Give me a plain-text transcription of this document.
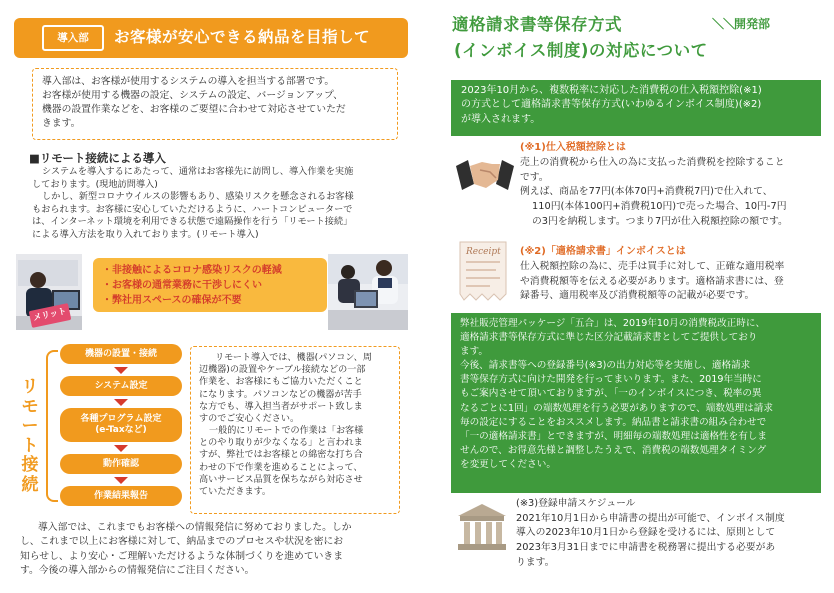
導入部	お客様が安心できる納品を目指して
導入部は、お客様が使用するシステムの導入を担当する部署です。
お客様が使用する機器の設定、システムの設定、バージョンアップ、
機器の設置作業などを、お客様のご要望に合わせて対応させていただ
きます。
■リモート接続による導入
システムを導入するにあたって、通常はお客様先に訪問し、導入作業を実施
しております。(現地訪問導入)
しかし、新型コロナウイルスの影響もあり、感染リスクを懸念されるお客様
もおられます。お客様に安心していただけるように、ハートコンピューターで
は、インターネット環境を利用できる状態で遠隔操作を行う「リモート接続」
による導入方法を取り入れております。(リモート導入)
・非接触によるコロナ感染リスクの軽減
・お客様の通常業務に干渉しにくい
・弊社用スペースの確保が不要
メリット
リ
モ
ー
ト
接
続
機器の設置・接続
システム設定
各種プログラム設定
(e-Taxなど)
動作確認
作業結果報告
リモート導入では、機器(パソコン、周
辺機器)の設置やケーブル接続などの一部
作業を、お客様にもご協力いただくこと
になります。パソコンなどの機器が苦手
な方でも、導入担当者がサポート致しま
すのでご安心ください。
一般的にリモートでの作業は「お客様
とのやり取りが少なくなる」と言われま
すが、弊社ではお客様との綿密な打ち合
わせの下で作業を進めることによって、
高いサービス品質を保ちながら対応させ
ていただきます。
導入部では、これまでもお客様への情報発信に努めておりました。しか
し、これまで以上にお客様に対して、納品までのプロセスや状況を密にお
知らせし、より安心・ご理解いただけるような体制づくりを進めていきま
す。今後の導入部からの情報発信にご注目ください。
適格請求書等保存方式
(インボイス制度)の対応について
＼＼開発部
2023年10月から、複数税率に対応した消費税の仕入税額控除(※1)
の方式として適格請求書等保存方式(いわゆるインボイス制度)(※2)
が導入されます。
(※1)仕入税額控除とは
売上の消費税から仕入の為に支払った消費税を控除すること
です。
例えば、商品を77円(本体70円+消費税7円)で仕入れて、
110円(本体100円+消費税10円)で売った場合、10円-7円
の3円を納税します。つまり7円が仕入税額控除の額です。
Receipt (※2)「適格請求書」インボイスとは
仕入税額控除の為に、売手は買手に対して、正確な適用税率
や消費税額等を伝える必要があります。適格請求書には、登
録番号、適用税率及び消費税額等の記載が必要です。
弊社販売管理パッケージ「五合」は、2019年10月の消費税改正時に、
適格請求書等保存方式に準じた区分記載請求書としてご提供しており
ます。
今後、請求書等への登録番号(※3)の出力対応等を実施し、適格請求
書等保存方式に向けた開発を行ってまいります。また、2019年当時に
もご案内させて頂いておりますが、「一のインボイスにつき、税率の異
なるごとに1回」の端数処理を行う必要がありますので、端数処理は請求
毎の設定にすることをおススメします。納品書と請求書の組み合わせで
「一の適格請求書」とできますが、明細毎の端数処理は適格性を有しま
せんので、お得意先様と調整したうえで、消費税の端数処理タイミング
を変更してください。
(※3)登録申請スケジュール
2021年10月1日から申請書の提出が可能で、インボイス制度
導入の2023年10月1日から登録を受けるには、原則として
2023年3月31日までに申請書を税務署に提出する必要があ
ります。
